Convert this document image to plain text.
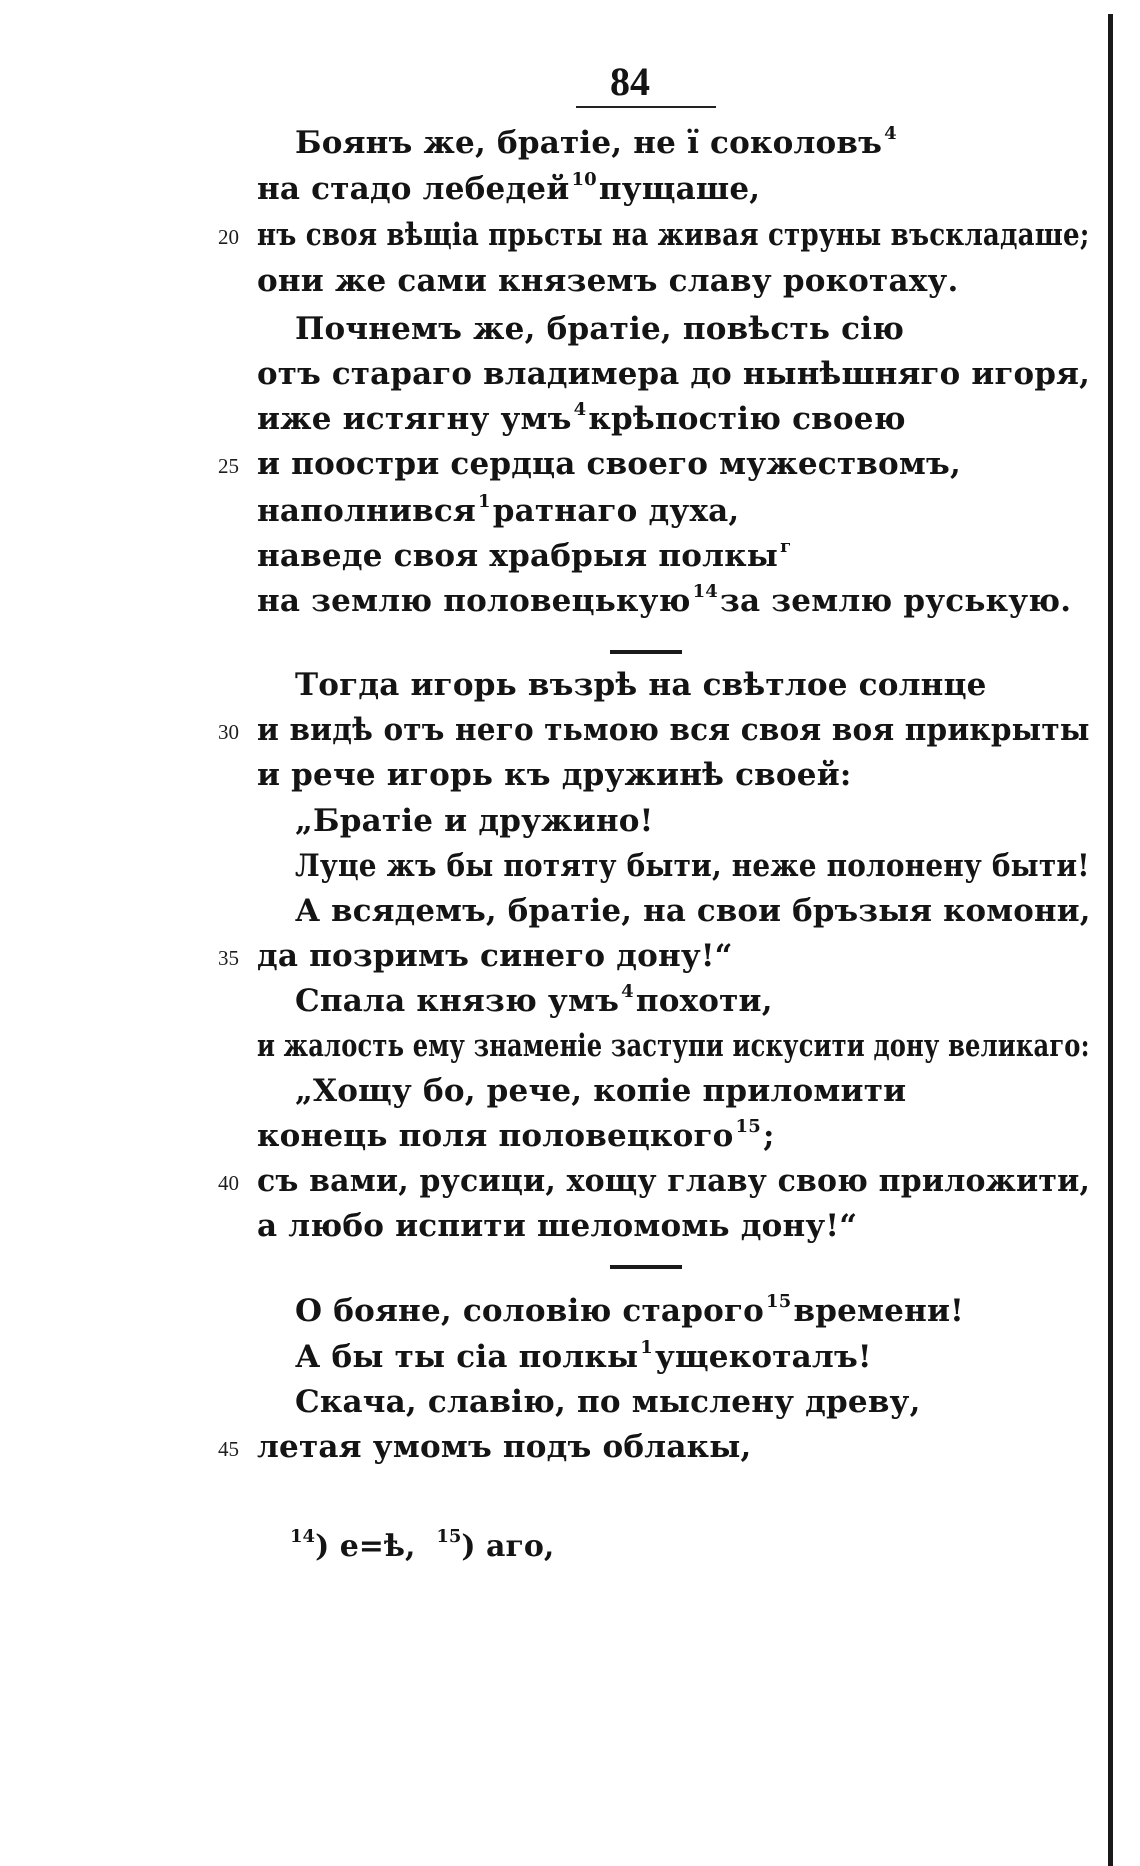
84
Боянъ же, братіе, не ї соколовъ $^4$
на стадо лебедей $^{10}$пущаше,
нъ своя вѣщіа прьсты на живая струны въскладаше;
они же сами княземъ славу рокотаху.
Почнемъ же, братіе, повѣсть сію
отъ стараго владимера до нынѣшняго игоря,
иже истягну умъ $^4$крѣпостію своею
и поостри сердца своего мужествомъ,
наполнився $^1$ратнаго духа,
наведе своя храбрыя полкы $^г$
на землю половецькую $^{14}$за землю руськую.
Тогда игорь възрѣ на свѣтлое солнце
и видѣ отъ него тьмою вся своя воя прикрыты
и рече игорь къ дружинѣ своей:
„Братіе и дружино!
Луце жъ бы потяту быти, неже полонену быти!
А всядемъ, братіе, на свои бръзыя комони,
да позримъ синего дону!“
Спала князю умъ $^4$похоти,
и жалость ему знаменіе заступи искусити дону великаго:
„Хощу бо, рече, копіе приломити
конець поля половецкого $^{15}$;
съ вами, русици, хощу главу свою приложити,
а любо испити шеломомь дону!“
О бояне, соловію старого $^{15}$времени!
А бы ты сіа полкы $^1$ущекоталъ!
Скача, славію, по мыслену древу,
летая умомъ подъ облакы,
20
25
30
35
40
45
$^{14}$) е=ѣ, $^{15}$) аго,
